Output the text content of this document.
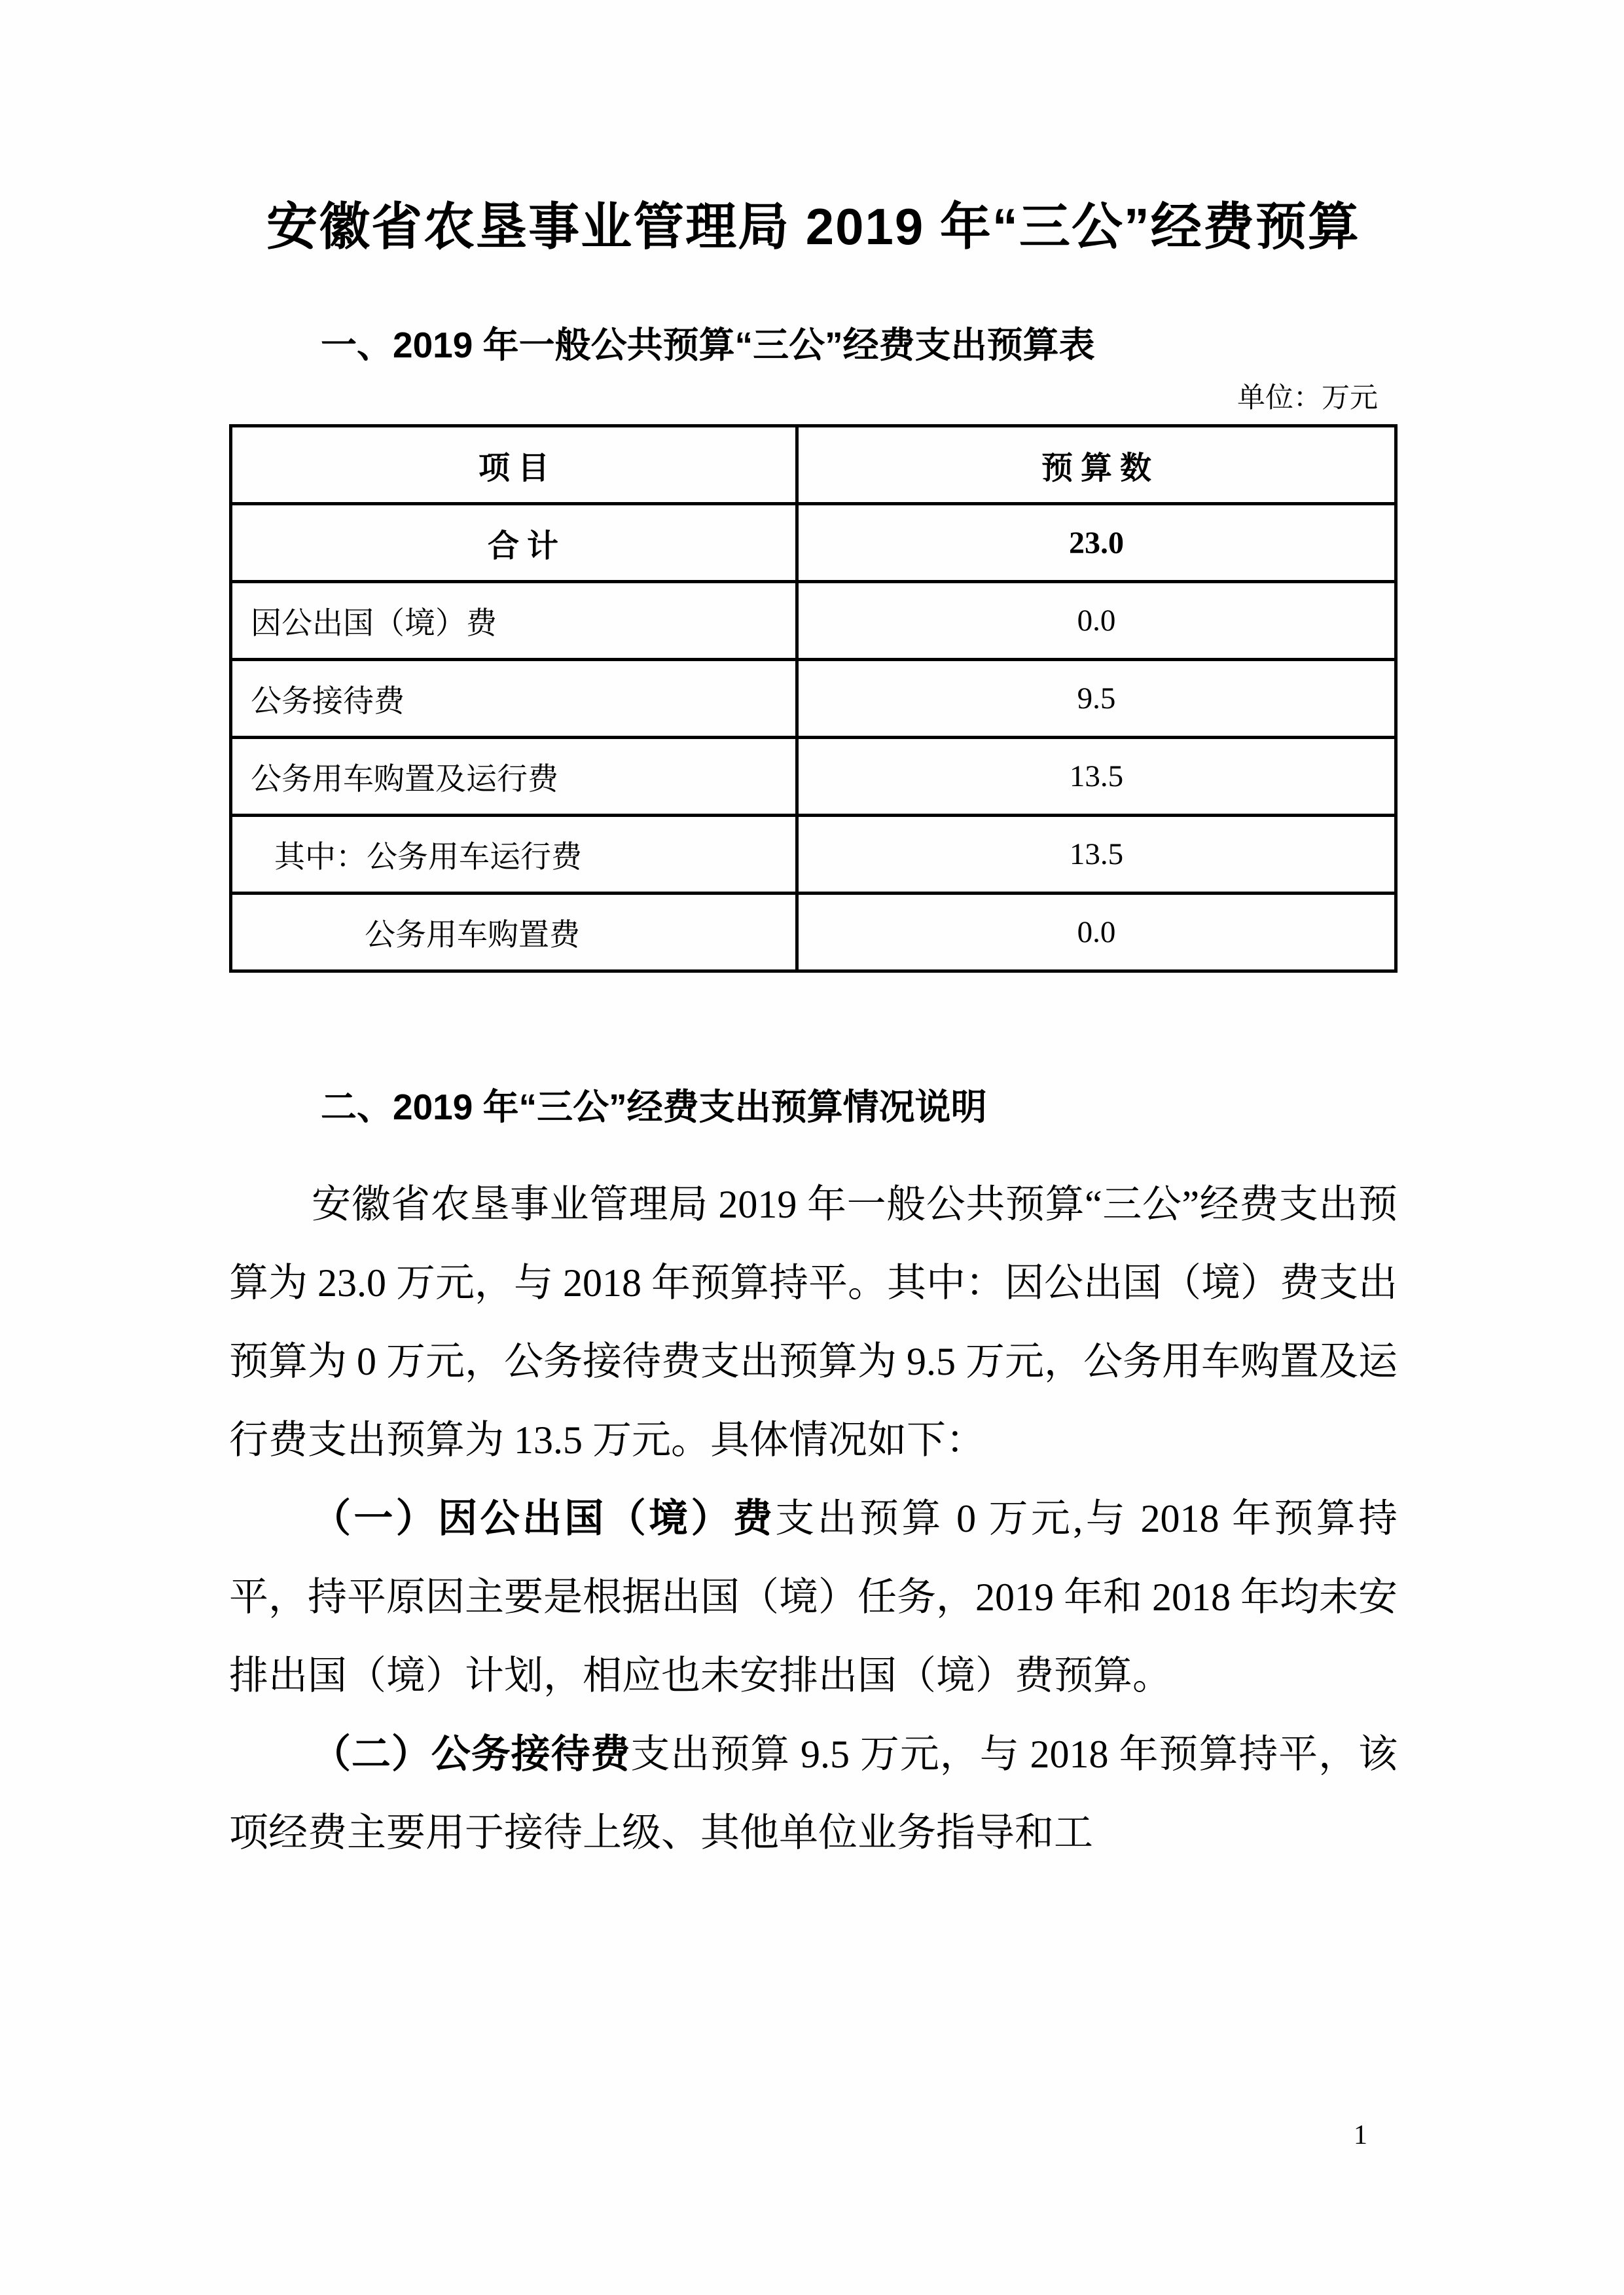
安徽省农垦事业管理局 2019 年“三公”经费预算
一、2019 年一般公共预算“三公”经费支出预算表
单位：万元
项 目	预 算 数
合 计	23.0
因公出国（境）费	0.0
公务接待费	9.5
公务用车购置及运行费	13.5
其中：公务用车运行费	13.5
公务用车购置费	0.0
二、2019 年“三公”经费支出预算情况说明

安徽省农垦事业管理局 2019 年一般公共预算“三公”经费支出预算为 23.0 万元，与 2018 年预算持平。其中：因公出国（境）费支出预算为 0 万元，公务接待费支出预算为 9.5 万元，公务用车购置及运行费支出预算为 13.5 万元。具体情况如下：

（一）因公出国（境）费支出预算 0 万元,与 2018 年预算持平，持平原因主要是根据出国（境）任务，2019 年和 2018 年均未安排出国（境）计划，相应也未安排出国（境）费预算。

（二）公务接待费支出预算 9.5 万元，与 2018 年预算持平，该项经费主要用于接待上级、其他单位业务指导和工

1
